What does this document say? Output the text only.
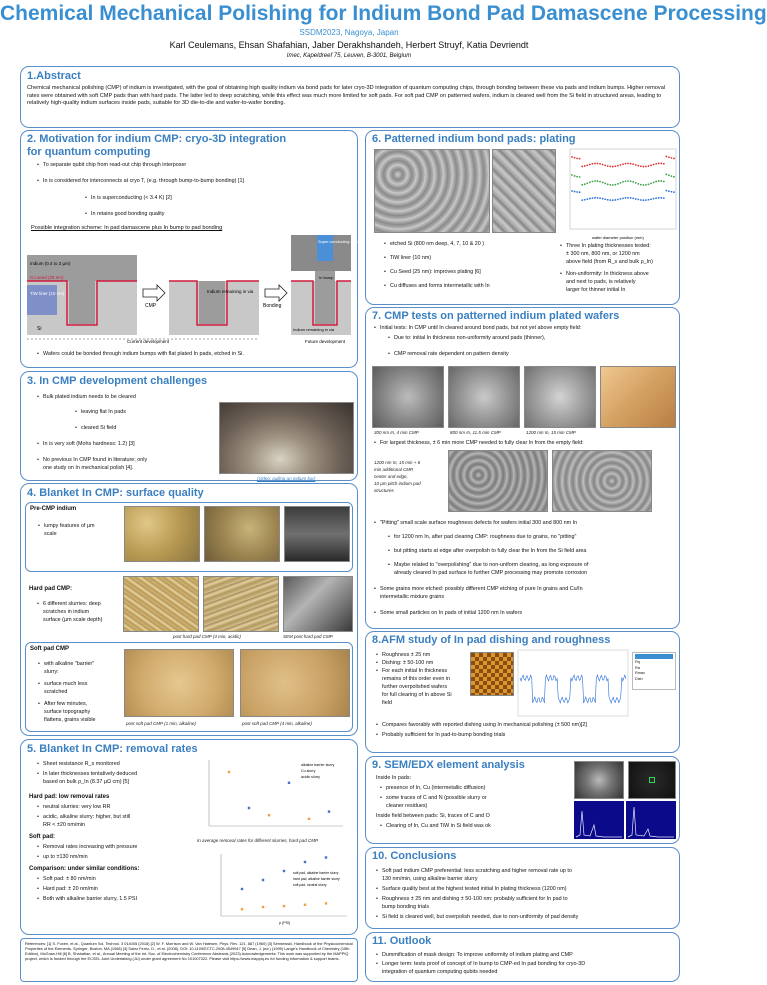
Chemical Mechanical Polishing for Indium Bond Pad Damascene Processing
SSDM2023, Nagoya, Japan
Karl Ceulemans, Ehsan Shafahian, Jaber Derakhshandeh, Herbert Struyf, Katia Devriendt
Imec, Kapeldreef 75, Leuven, B-3001, Belgium
1.Abstract
Chemical mechanical polishing (CMP) of indium is investigated, with the goal of obtaining high quality indium via bond pads for later cryo-3D integration of quantum computing chips, through bonding between these via pads and indium bumps. Higher removal rates were obtained with soft CMP pads than with hard pads. The latter led to deep scratching, while this effect was much more limited for soft pads. For soft pad CMP on patterned wafers, indium is cleared well from the Si field in structured areas, leading to relatively high-quality indium surfaces inside pads, suitable for 3D die-to-die and wafer-to-wafer bonding.
2. Motivation for indium CMP: cryo-3D integration
for quantum computing
• To separate qubit chip from read-out chip through interposer
• In is considered for interconnects at cryo T, (e.g. through bump-to-bump bonding) [1]
• In is superconducting (< 3.4 K) [2]
• In retains good bonding quality
Possible integration scheme: In pad damascene plus In bump to pad bonding
Indium (0.4 to 3 µm)
Cu seed (25 nm)
TiW liner (10 nm)
Si
CMP
Indium remaining in via
Bonding
Super-conducting chip
In bump
Indium remaining in via
Current development	Future development
• Wafers could be bonded through indium bumps with flat plated In pads, etched in Si.
3. In CMP development challenges
• Bulk plated indium needs to be cleared
• leaving flat In pads
• cleared Si field
• In is very soft (Mohs hardness: 1.2) [3]
• No previous In CMP found in literature; only
one study on In mechanical polish [4].
(Video: pulling an indium bar)
4. Blanket In CMP: surface quality
Pre-CMP indium
• lumpy features of µm
scale
Hard pad CMP:
• 6 different slurries: deep
scratches in indium
surface (µm scale depth)
post hard pad CMP (4 min, acidic)	SEM post hard pad CMP
Soft pad CMP
• with alkaline "barrier"
slurry:
• surface much less
scratched
• After few minutes,
surface topography
flattens, grains visible
post soft pad CMP (1 min, alkaline)	post soft pad CMP (4 min, alkaline)
5. Blanket In CMP: removal rates
• Sheet resistance R_s monitored
• In later thicknesses tentatively deduced
based on bulk ρ_In (8.37 µΩ cm) [5]
Hard pad: low removal rates
• neutral slurries: very low RR
• acidic, alkaline slurry: higher, but still
RR < ±20 nm/min
Soft pad:
• Removal rates increasing with pressure
• up to ±130 nm/min
Comparison: under similar conditions:
• Soft pad: ± 80 nm/min
• Hard pad: ± 20 nm/min
• Both with alkaline barrier slurry, 1.5 PSI
alkaline barrier slurry
Cu slurry
acidic slurry
In average removal rates for different slurries, hard pad CMP.
soft pad, alkaline barrier slurry
hard pad, alkaline barrier slurry
soft pad, neutral slurry
p (PSI)
References: [1] S. Foxen, et al., Quantum Sci. Technol. 3 014005 (2018) [2] W. F. Morrison and W. Van Hatesen, Phys. Rev. 121, 887 (1960) [3] Serniewski, Handbook of the Physicochemical Properties of the Elements, Springer, Boston, MA (1968) [4] Sainz Ferriz, D., et al. (2008), DOI: 10.1109/ECTC.2008.4549947 [5] Dean, J. (ed.) (1999) Lange's Handbook of Chemistry (15th Edition), McGraw-Hill [6] B. Shahafian, et al., Annual Meeting of the Int. Soc. of Electrochemistry Conference Abstracts (2023) Acknowledgements: This work was supported by the MAPPIQ project, which is funded through the ECSEL Joint Undertaking (JU) under grant agreement No 101007322. Please visit https://www.mappiq.eu for funding information & support teams.
6. Patterned indium bond pads: plating
wafer diameter position (mm)
• etched Si (800 nm deep, 4, 7, 10 & 20 )
• TiW liner (10 nm)
• Cu Seed (25 nm): improves plating [6]
• Cu diffuses and forms intermetallic with In
• Three In plating thicknesses tested:
± 300 nm, 800 nm, or 1200 nm
above field (from R_s and bulk ρ_In)
• Non-uniformity: In thickness above
and next to pads, is relatively
larger for thinner initial In
7. CMP tests on patterned indium plated wafers
• Initial tests: In CMP until In cleared around bond pads, but not yet above empty field:
• Due to: initial In thickness non-uniformity around pads (thinner),
• CMP removal rate dependent on pattern density
300 nm In, 4 min CMP	800 nm In, 11.5 min CMP	1200 nm In, 15 min CMP
• For largest thickness, ± 6 min more CMP needed to fully clear In from the empty field:
1200 nm In, 15 min + 6
min additional CMP,
center and edge,
10 µm pitch indium pad
structures
• "Pitting" small scale surface roughness defects for wafers initial 300 and 800 nm In
• for 1200 nm In, after pad clearing CMP: roughness due to grains, no "pitting"
• but pitting starts at edge after overpolish to fully clear the In from the Si field area
• Maybe related to "overpolishing" due to non-uniform clearing, as long exposure of
already cleared In pad surface to further CMP processing may promote corrosion
• Some grains more etched: possibly different CMP etching of pure In grains and Cu/In
intermetallic mixture grains
• Some small particles on In pads of initial 1200 nm In wafers
8.AFM study of In pad dishing and roughness
• Roughness ± 25 nm
• Dishing: ± 50-100 nm
• For each initial In thickness
remains of this order even in
further overpolished wafers
for full clearing of In above Si
field
Rq
Ra
Rmax
Dish
• Compares favorably with reported dishing using In mechanical polishing (± 500 nm)[2]
• Probably sufficient for In pad-to-bump bonding trials
9. SEM/EDX element analysis
Inside In pads:
• presence of In, Cu (intermetallic diffusion)
• some traces of C and N (possible slurry or
cleaner residues)
Inside field between pads: Si, traces of C and O
• Clearing of In, Cu and TiW in Si field was ok
10. Conclusions
• Soft pad indium CMP preferential: less scratching and higher removal rate up to
130 nm/min, using alkaline barrier slurry
• Surface quality best at the highest tested initial In plating thickness (1200 nm)
• Roughness ± 25 nm and dishing ± 50-100 nm: probably sufficient for In pad to
bump bonding trials
• Si field is cleared well, but overpolish needed, due to non-uniformity of pad density
11. Outlook
• Dummification of mask design: To improve uniformity of indium plating and CMP
• Longer term: tests proof of concept of In bump to CMP-ed In pad bonding for cryo-3D
integration of quantum computing qubits needed
